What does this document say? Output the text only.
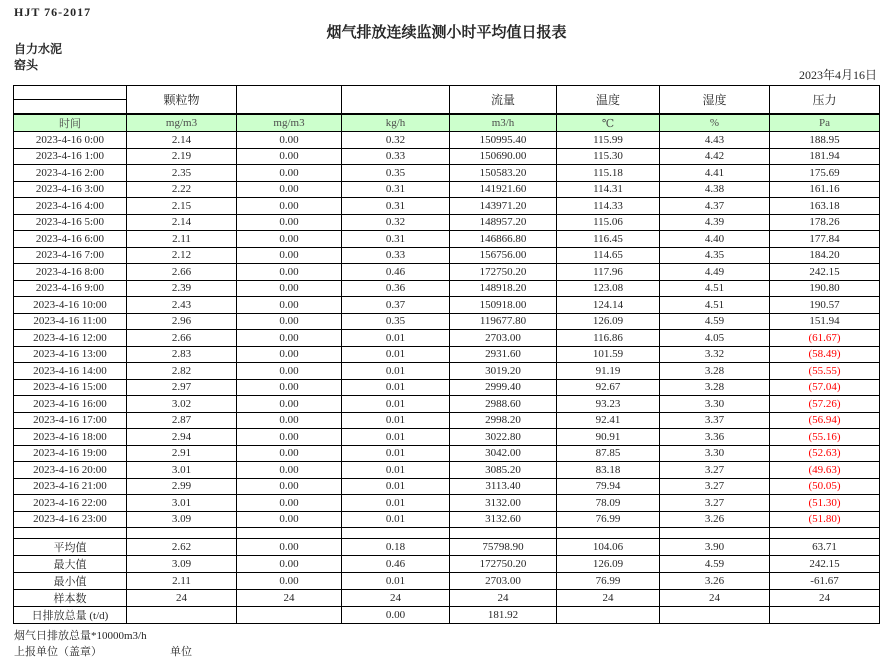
HJT 76-2017
烟气排放连续监测小时平均值日报表
自力水泥
窑头
2023年4月16日
	颗粒物			流量	温度	湿度	压力

时间	mg/m3	mg/m3	kg/h	m3/h	℃	%	Pa
2023-4-16 0:00	2.14	0.00	0.32	150995.40	115.99	4.43	188.95
2023-4-16 1:00	2.19	0.00	0.33	150690.00	115.30	4.42	181.94
2023-4-16 2:00	2.35	0.00	0.35	150583.20	115.18	4.41	175.69
2023-4-16 3:00	2.22	0.00	0.31	141921.60	114.31	4.38	161.16
2023-4-16 4:00	2.15	0.00	0.31	143971.20	114.33	4.37	163.18
2023-4-16 5:00	2.14	0.00	0.32	148957.20	115.06	4.39	178.26
2023-4-16 6:00	2.11	0.00	0.31	146866.80	116.45	4.40	177.84
2023-4-16 7:00	2.12	0.00	0.33	156756.00	114.65	4.35	184.20
2023-4-16 8:00	2.66	0.00	0.46	172750.20	117.96	4.49	242.15
2023-4-16 9:00	2.39	0.00	0.36	148918.20	123.08	4.51	190.80
2023-4-16 10:00	2.43	0.00	0.37	150918.00	124.14	4.51	190.57
2023-4-16 11:00	2.96	0.00	0.35	119677.80	126.09	4.59	151.94
2023-4-16 12:00	2.66	0.00	0.01	2703.00	116.86	4.05	(61.67)
2023-4-16 13:00	2.83	0.00	0.01	2931.60	101.59	3.32	(58.49)
2023-4-16 14:00	2.82	0.00	0.01	3019.20	91.19	3.28	(55.55)
2023-4-16 15:00	2.97	0.00	0.01	2999.40	92.67	3.28	(57.04)
2023-4-16 16:00	3.02	0.00	0.01	2988.60	93.23	3.30	(57.26)
2023-4-16 17:00	2.87	0.00	0.01	2998.20	92.41	3.37	(56.94)
2023-4-16 18:00	2.94	0.00	0.01	3022.80	90.91	3.36	(55.16)
2023-4-16 19:00	2.91	0.00	0.01	3042.00	87.85	3.30	(52.63)
2023-4-16 20:00	3.01	0.00	0.01	3085.20	83.18	3.27	(49.63)
2023-4-16 21:00	2.99	0.00	0.01	3113.40	79.94	3.27	(50.05)
2023-4-16 22:00	3.01	0.00	0.01	3132.00	78.09	3.27	(51.30)
2023-4-16 23:00	3.09	0.00	0.01	3132.60	76.99	3.26	(51.80)

平均值	2.62	0.00	0.18	75798.90	104.06	3.90	63.71
最大值	3.09	0.00	0.46	172750.20	126.09	4.59	242.15
最小值	2.11	0.00	0.01	2703.00	76.99	3.26	-61.67
样本数	24	24	24	24	24	24	24
日排放总量 (t/d)			0.00	181.92			
烟气日排放总量*10000m3/h
上报单位（盖章）	单位
